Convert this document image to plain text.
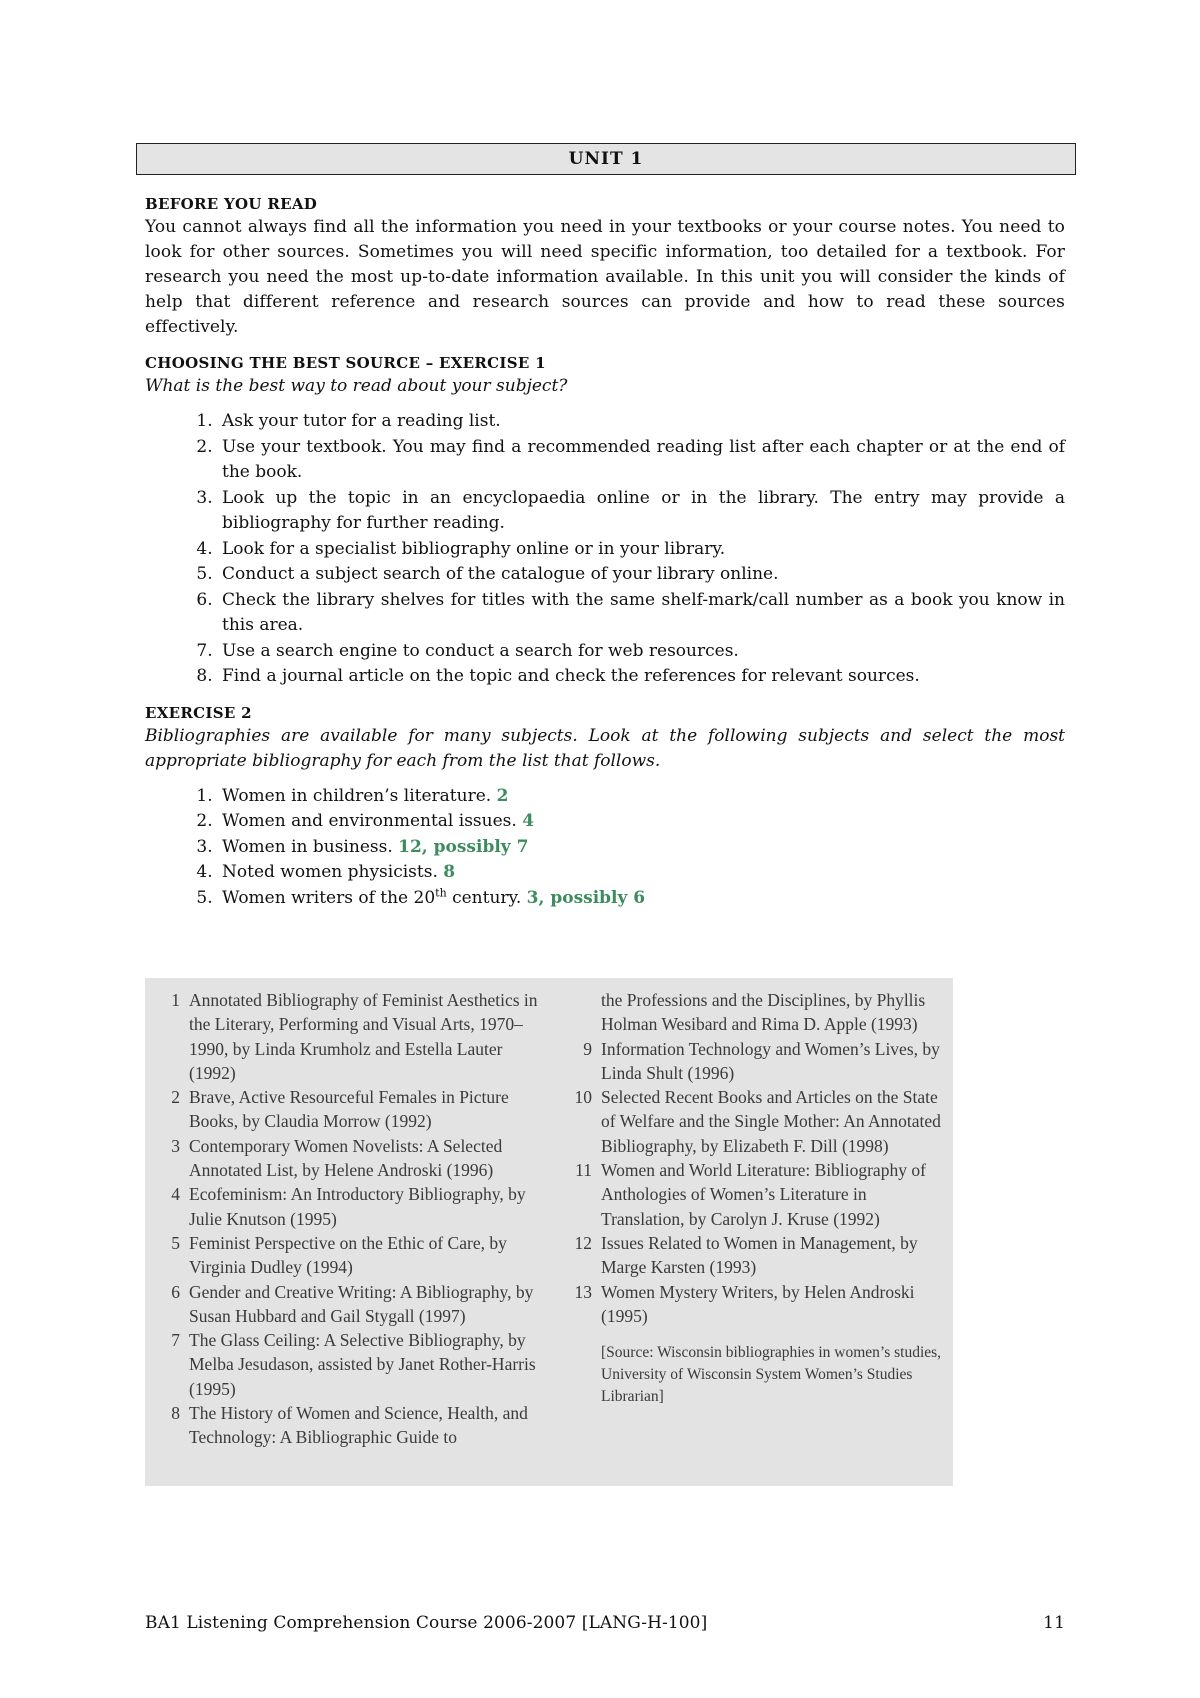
UNIT 1
BEFORE YOU READ
You cannot always find all the information you need in your textbooks or your course notes. You need to look for other sources. Sometimes you will need specific information, too detailed for a textbook. For research you need the most up-to-date information available. In this unit you will consider the kinds of help that different reference and research sources can provide and how to read these sources effectively.
CHOOSING THE BEST SOURCE – EXERCISE 1
What is the best way to read about your subject?
1. Ask your tutor for a reading list.
2. Use your textbook. You may find a recommended reading list after each chapter or at the end of the book.
3. Look up the topic in an encyclopaedia online or in the library. The entry may provide a bibliography for further reading.
4. Look for a specialist bibliography online or in your library.
5. Conduct a subject search of the catalogue of your library online.
6. Check the library shelves for titles with the same shelf-mark/call number as a book you know in this area.
7. Use a search engine to conduct a search for web resources.
8. Find a journal article on the topic and check the references for relevant sources.
EXERCISE 2
Bibliographies are available for many subjects. Look at the following subjects and select the most appropriate bibliography for each from the list that follows.
1. Women in children’s literature. 2
2. Women and environmental issues. 4
3. Women in business. 12, possibly 7
4. Noted women physicists. 8
5. Women writers of the 20th century. 3, possibly 6
1 Annotated Bibliography of Feminist Aesthetics in the Literary, Performing and Visual Arts, 1970–1990, by Linda Krumholz and Estella Lauter (1992)
2 Brave, Active Resourceful Females in Picture Books, by Claudia Morrow (1992)
3 Contemporary Women Novelists: A Selected Annotated List, by Helene Androski (1996)
4 Ecofeminism: An Introductory Bibliography, by Julie Knutson (1995)
5 Feminist Perspective on the Ethic of Care, by Virginia Dudley (1994)
6 Gender and Creative Writing: A Bibliography, by Susan Hubbard and Gail Stygall (1997)
7 The Glass Ceiling: A Selective Bibliography, by Melba Jesudason, assisted by Janet Rother-Harris (1995)
8 The History of Women and Science, Health, and Technology: A Bibliographic Guide to
the Professions and the Disciplines, by Phyllis Holman Wesibard and Rima D. Apple (1993)
9 Information Technology and Women’s Lives, by Linda Shult (1996)
10 Selected Recent Books and Articles on the State of Welfare and the Single Mother: An Annotated Bibliography, by Elizabeth F. Dill (1998)
11 Women and World Literature: Bibliography of Anthologies of Women’s Literature in Translation, by Carolyn J. Kruse (1992)
12 Issues Related to Women in Management, by Marge Karsten (1993)
13 Women Mystery Writers, by Helen Androski (1995)
[Source: Wisconsin bibliographies in women’s studies, University of Wisconsin System Women’s Studies Librarian]
BA1 Listening Comprehension Course 2006-2007 [LANG-H-100]	11
